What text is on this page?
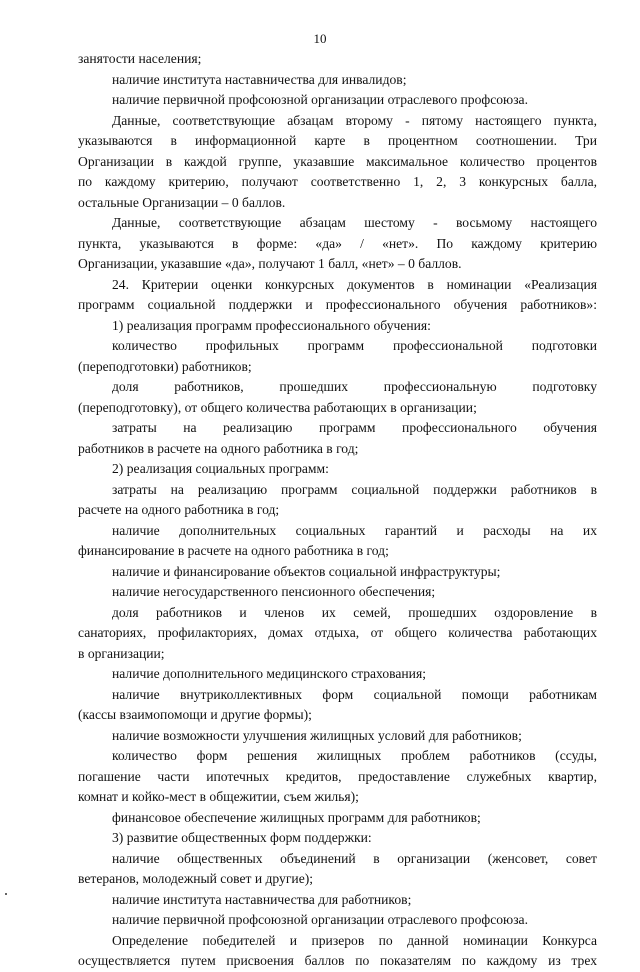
10
занятости населения;
наличие института наставничества для инвалидов;
наличие первичной профсоюзной организации отраслевого профсоюза.
Данные, соответствующие абзацам второму - пятому настоящего пункта,
указываются в информационной карте в процентном соотношении. Три
Организации в каждой группе, указавшие максимальное количество процентов
по каждому критерию, получают соответственно 1, 2, 3 конкурсных балла,
остальные Организации – 0 баллов.
Данные, соответствующие абзацам шестому - восьмому настоящего
пункта, указываются в форме: «да» / «нет». По каждому критерию
Организации, указавшие «да», получают 1 балл, «нет» – 0 баллов.
24. Критерии оценки конкурсных документов в номинации «Реализация
программ социальной поддержки и профессионального обучения работников»:
1) реализация программ профессионального обучения:
количество профильных программ профессиональной подготовки
(переподготовки) работников;
доля работников, прошедших профессиональную подготовку
(переподготовку), от общего количества работающих в организации;
затраты на реализацию программ профессионального обучения
работников в расчете на одного работника в год;
2) реализация социальных программ:
затраты на реализацию программ социальной поддержки работников в
расчете на одного работника в год;
наличие дополнительных социальных гарантий и расходы на их
финансирование в расчете на одного работника в год;
наличие и финансирование объектов социальной инфраструктуры;
наличие негосударственного пенсионного обеспечения;
доля работников и членов их семей, прошедших оздоровление в
санаториях, профилакториях, домах отдыха, от общего количества работающих
в организации;
наличие дополнительного медицинского страхования;
наличие внутриколлективных форм социальной помощи работникам
(кассы взаимопомощи и другие формы);
наличие возможности улучшения жилищных условий для работников;
количество форм решения жилищных проблем работников (ссуды,
погашение части ипотечных кредитов, предоставление служебных квартир,
комнат и койко-мест в общежитии, съем жилья);
финансовое обеспечение жилищных программ для работников;
3) развитие общественных форм поддержки:
наличие общественных объединений в организации (женсовет, совет
ветеранов, молодежный совет и другие);
наличие института наставничества для работников;
наличие первичной профсоюзной организации отраслевого профсоюза.
Определение победителей и призеров по данной номинации Конкурса
осуществляется путем присвоения баллов по показателям по каждому из трех
